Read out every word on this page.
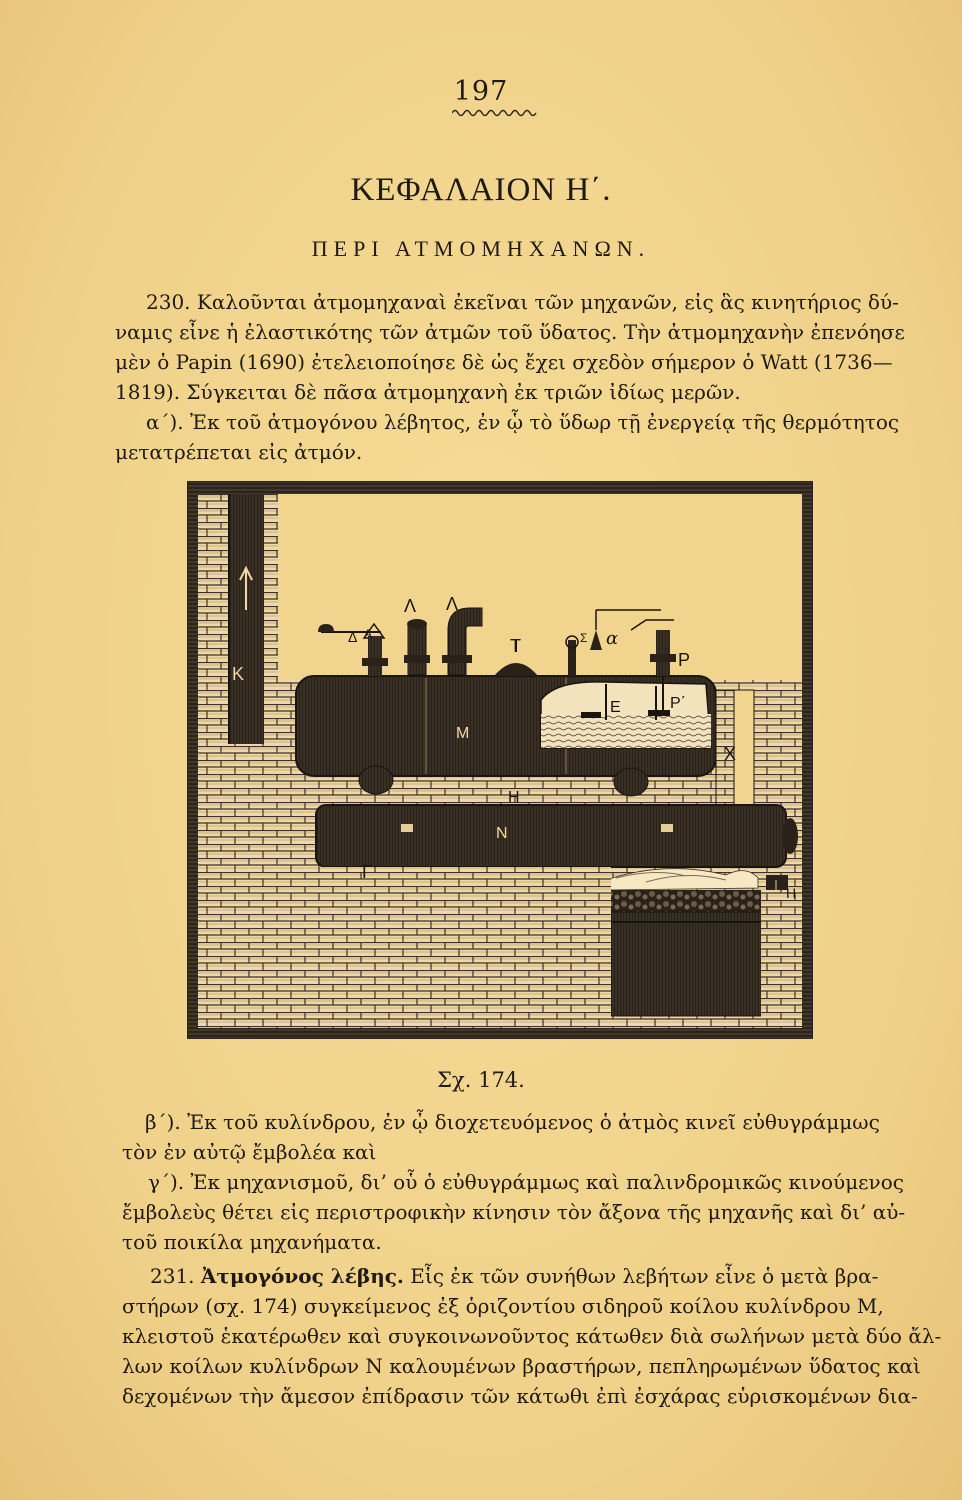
197
ΚΕΦΑΛΑΙΟΝ Η΄.
ΠΕΡΙ ΑΤΜΟΜΗΧΑΝΩΝ.
230. Καλοῦνται ἀτμομηχαναὶ ἐκεῖναι τῶν μηχανῶν, εἰς ἃς κινητήριος δύ-
ναμις εἶνε ἡ ἐλαστικότης τῶν ἀτμῶν τοῦ ὕδατος. Τὴν ἀτμομηχανὴν ἐπενόησε
μὲν ὁ Papin (1690) ἐτελειοποίησε δὲ ὡς ἔχει σχεδὸν σήμερον ὁ Watt (1736—
1819). Σύγκειται δὲ πᾶσα ἀτμομηχανὴ ἐκ τριῶν ἰδίως μερῶν.
α΄). Ἐκ τοῦ ἀτμογόνου λέβητος, ἐν ᾧ τὸ ὕδωρ τῇ ἐνεργείᾳ τῆς θερμότητος
μετατρέπεται εἰς ἀτμόν.
Κ
Λ Λ
Δ Α
Τ	Σ α
Ρ
Ρ΄
Ε
Μ
Χ
Η
Ν
Γ
Η
Σχ. 174.
β΄). Ἐκ τοῦ κυλίνδρου, ἐν ᾧ διοχετευόμενος ὁ ἀτμὸς κινεῖ εὐθυγράμμως
τὸν ἐν αὐτῷ ἔμβολέα καὶ
γ΄). Ἐκ μηχανισμοῦ, δι’ οὗ ὁ εὐθυγράμμως καὶ παλινδρομικῶς κινούμενος
ἔμβολεὺς θέτει εἰς περιστροφικὴν κίνησιν τὸν ἄξονα τῆς μηχανῆς καὶ δι’ αὐ-
τοῦ ποικίλα μηχανήματα.
231. Ἀτμογόνος λέβης. Εἷς ἐκ τῶν συνήθων λεβήτων εἶνε ὁ μετὰ βρα-
στήρων (σχ. 174) συγκείμενος ἐξ ὁριζοντίου σιδηροῦ κοίλου κυλίνδρου Μ,
κλειστοῦ ἑκατέρωθεν καὶ συγκοινωνοῦντος κάτωθεν διὰ σωλήνων μετὰ δύο ἄλ-
λων κοίλων κυλίνδρων Ν καλουμένων βραστήρων, πεπληρωμένων ὕδατος καὶ
δεχομένων τὴν ἄμεσον ἐπίδρασιν τῶν κάτωθι ἐπὶ ἐσχάρας εὑρισκομένων δια-
